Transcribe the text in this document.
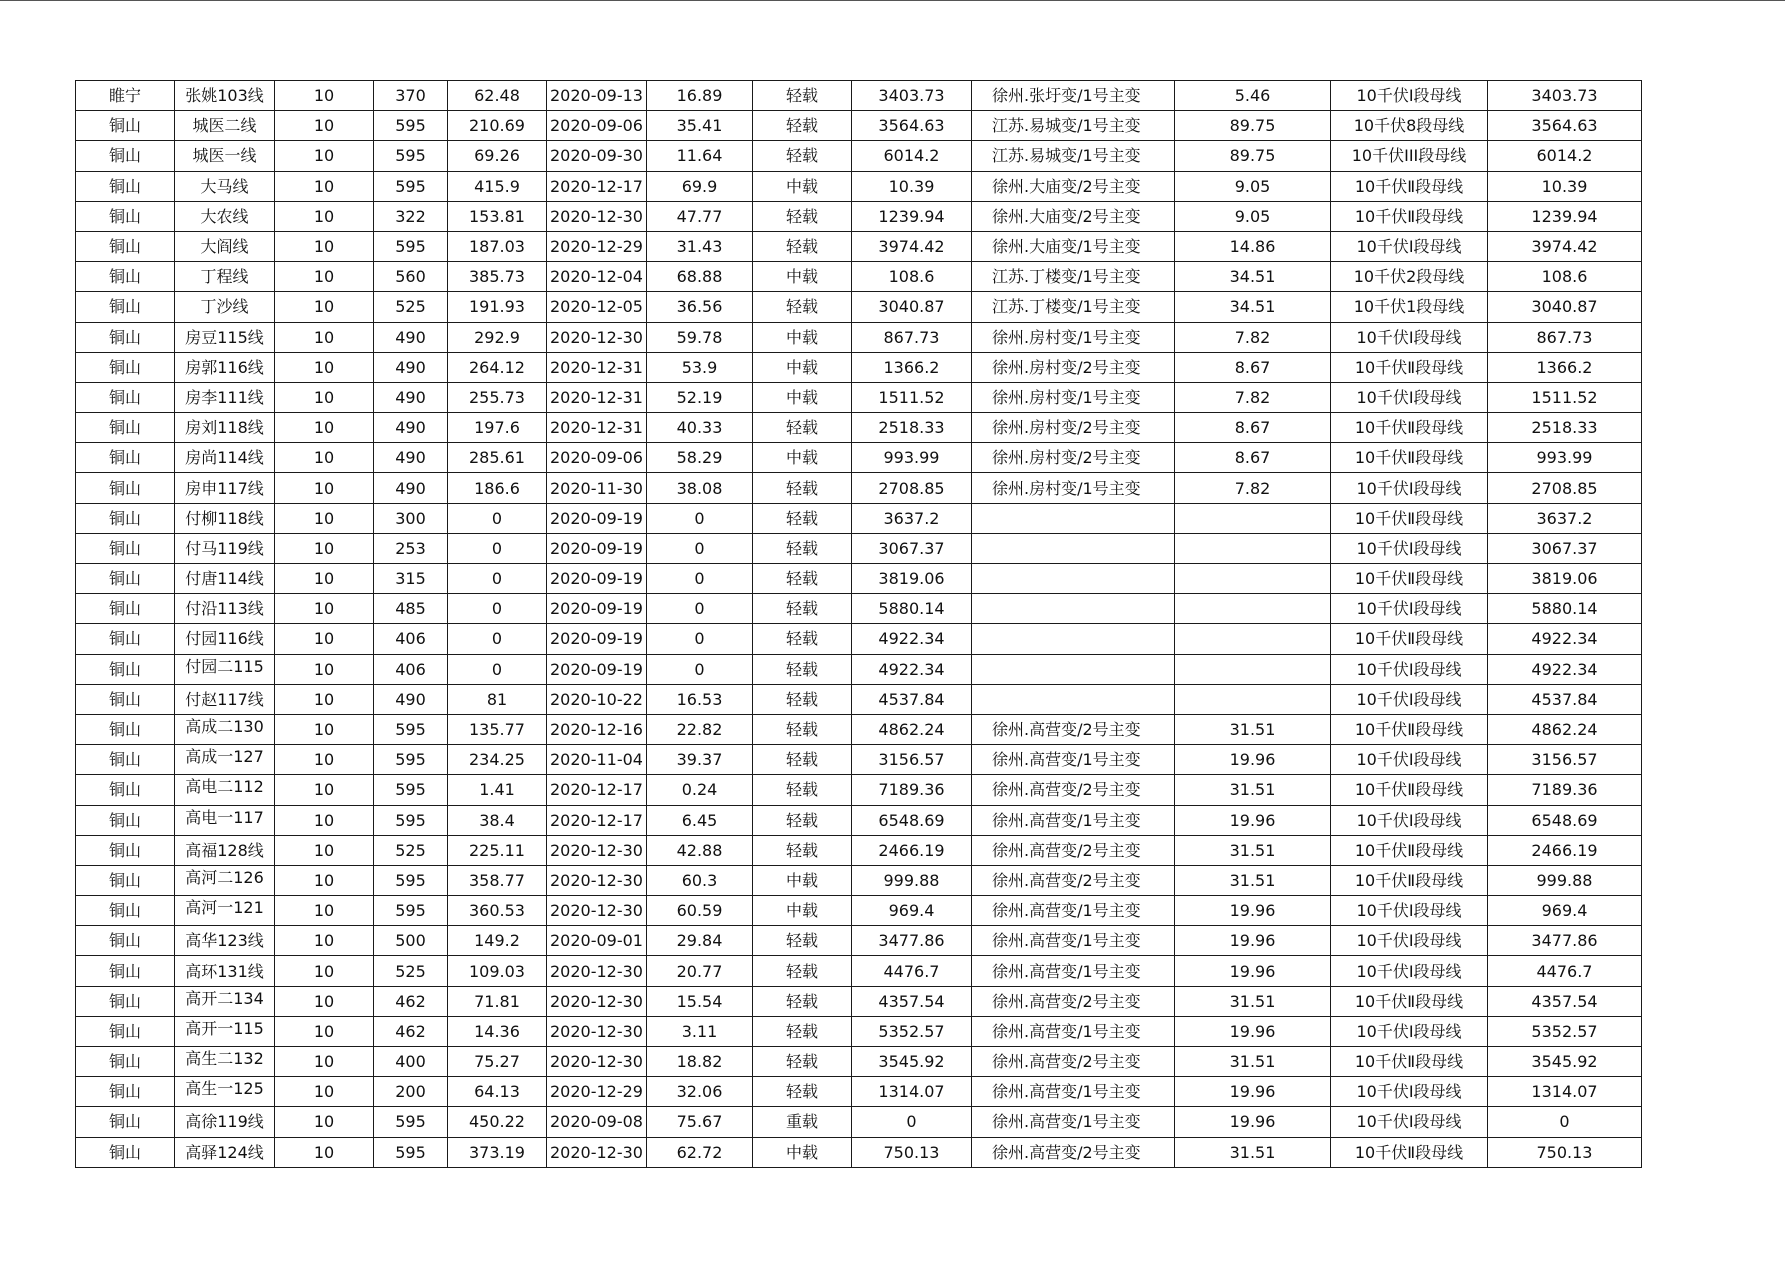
睢宁	张姚103线	10	370	62.48	2020-09-13	16.89	轻载	3403.73	徐州.张圩变/1号主变	5.46	10千伏Ⅰ段母线	3403.73
铜山	城医二线	10	595	210.69	2020-09-06	35.41	轻载	3564.63	江苏.易城变/1号主变	89.75	10千伏8段母线	3564.63
铜山	城医一线	10	595	69.26	2020-09-30	11.64	轻载	6014.2	江苏.易城变/1号主变	89.75	10千伏III段母线	6014.2
铜山	大马线	10	595	415.9	2020-12-17	69.9	中载	10.39	徐州.大庙变/2号主变	9.05	10千伏Ⅱ段母线	10.39
铜山	大农线	10	322	153.81	2020-12-30	47.77	轻载	1239.94	徐州.大庙变/2号主变	9.05	10千伏Ⅱ段母线	1239.94
铜山	大阎线	10	595	187.03	2020-12-29	31.43	轻载	3974.42	徐州.大庙变/1号主变	14.86	10千伏Ⅰ段母线	3974.42
铜山	丁程线	10	560	385.73	2020-12-04	68.88	中载	108.6	江苏.丁楼变/1号主变	34.51	10千伏2段母线	108.6
铜山	丁沙线	10	525	191.93	2020-12-05	36.56	轻载	3040.87	江苏.丁楼变/1号主变	34.51	10千伏1段母线	3040.87
铜山	房豆115线	10	490	292.9	2020-12-30	59.78	中载	867.73	徐州.房村变/1号主变	7.82	10千伏Ⅰ段母线	867.73
铜山	房郭116线	10	490	264.12	2020-12-31	53.9	中载	1366.2	徐州.房村变/2号主变	8.67	10千伏Ⅱ段母线	1366.2
铜山	房李111线	10	490	255.73	2020-12-31	52.19	中载	1511.52	徐州.房村变/1号主变	7.82	10千伏Ⅰ段母线	1511.52
铜山	房刘118线	10	490	197.6	2020-12-31	40.33	轻载	2518.33	徐州.房村变/2号主变	8.67	10千伏Ⅱ段母线	2518.33
铜山	房尚114线	10	490	285.61	2020-09-06	58.29	中载	993.99	徐州.房村变/2号主变	8.67	10千伏Ⅱ段母线	993.99
铜山	房申117线	10	490	186.6	2020-11-30	38.08	轻载	2708.85	徐州.房村变/1号主变	7.82	10千伏Ⅰ段母线	2708.85
铜山	付柳118线	10	300	0	2020-09-19	0	轻载	3637.2			10千伏Ⅱ段母线	3637.2
铜山	付马119线	10	253	0	2020-09-19	0	轻载	3067.37			10千伏Ⅰ段母线	3067.37
铜山	付唐114线	10	315	0	2020-09-19	0	轻载	3819.06			10千伏Ⅱ段母线	3819.06
铜山	付沿113线	10	485	0	2020-09-19	0	轻载	5880.14			10千伏Ⅰ段母线	5880.14
铜山	付园116线	10	406	0	2020-09-19	0	轻载	4922.34			10千伏Ⅱ段母线	4922.34
铜山	付园二115	10	406	0	2020-09-19	0	轻载	4922.34			10千伏Ⅰ段母线	4922.34
铜山	付赵117线	10	490	81	2020-10-22	16.53	轻载	4537.84			10千伏Ⅰ段母线	4537.84
铜山	高成二130	10	595	135.77	2020-12-16	22.82	轻载	4862.24	徐州.高营变/2号主变	31.51	10千伏Ⅱ段母线	4862.24
铜山	高成一127	10	595	234.25	2020-11-04	39.37	轻载	3156.57	徐州.高营变/1号主变	19.96	10千伏Ⅰ段母线	3156.57
铜山	高电二112	10	595	1.41	2020-12-17	0.24	轻载	7189.36	徐州.高营变/2号主变	31.51	10千伏Ⅱ段母线	7189.36
铜山	高电一117	10	595	38.4	2020-12-17	6.45	轻载	6548.69	徐州.高营变/1号主变	19.96	10千伏Ⅰ段母线	6548.69
铜山	高福128线	10	525	225.11	2020-12-30	42.88	轻载	2466.19	徐州.高营变/2号主变	31.51	10千伏Ⅱ段母线	2466.19
铜山	高河二126	10	595	358.77	2020-12-30	60.3	中载	999.88	徐州.高营变/2号主变	31.51	10千伏Ⅱ段母线	999.88
铜山	高河一121	10	595	360.53	2020-12-30	60.59	中载	969.4	徐州.高营变/1号主变	19.96	10千伏Ⅰ段母线	969.4
铜山	高华123线	10	500	149.2	2020-09-01	29.84	轻载	3477.86	徐州.高营变/1号主变	19.96	10千伏Ⅰ段母线	3477.86
铜山	高环131线	10	525	109.03	2020-12-30	20.77	轻载	4476.7	徐州.高营变/1号主变	19.96	10千伏Ⅰ段母线	4476.7
铜山	高开二134	10	462	71.81	2020-12-30	15.54	轻载	4357.54	徐州.高营变/2号主变	31.51	10千伏Ⅱ段母线	4357.54
铜山	高开一115	10	462	14.36	2020-12-30	3.11	轻载	5352.57	徐州.高营变/1号主变	19.96	10千伏Ⅰ段母线	5352.57
铜山	高生二132	10	400	75.27	2020-12-30	18.82	轻载	3545.92	徐州.高营变/2号主变	31.51	10千伏Ⅱ段母线	3545.92
铜山	高生一125	10	200	64.13	2020-12-29	32.06	轻载	1314.07	徐州.高营变/1号主变	19.96	10千伏Ⅰ段母线	1314.07
铜山	高徐119线	10	595	450.22	2020-09-08	75.67	重载	0	徐州.高营变/1号主变	19.96	10千伏Ⅰ段母线	0
铜山	高驿124线	10	595	373.19	2020-12-30	62.72	中载	750.13	徐州.高营变/2号主变	31.51	10千伏Ⅱ段母线	750.13
